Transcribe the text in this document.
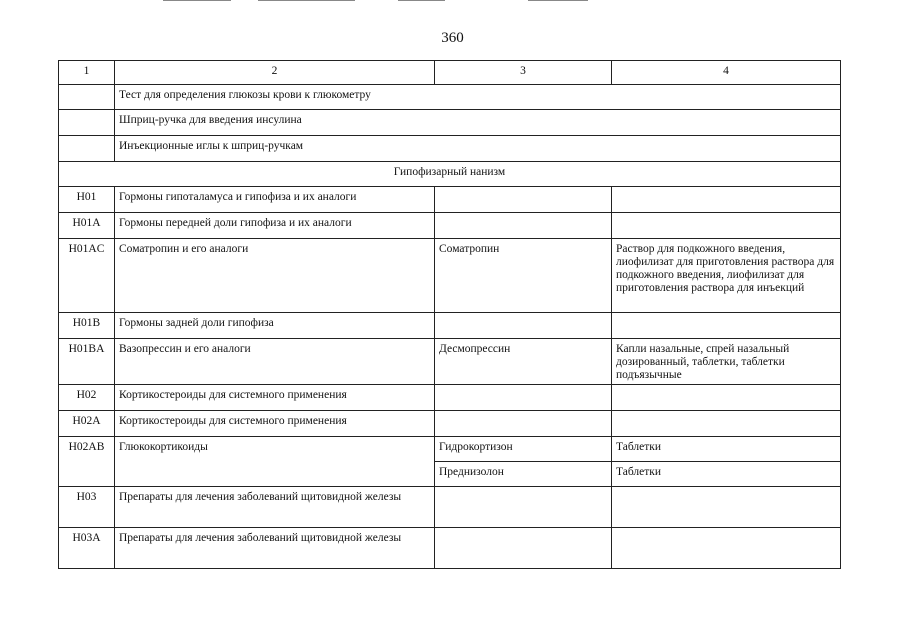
360
1	2	3	4
	Тест для определения глюкозы крови к глюкометру		
	Шприц-ручка для введения инсулина		
	Инъекционные иглы к шприц-ручкам		
Гипофизарный нанизм			
H01	Гормоны гипоталамуса и гипофиза и их аналоги		
H01A	Гормоны передней доли гипофиза и их аналоги		
H01AC	Соматропин и его аналоги	Соматропин	Раствор для подкожного введения, лиофилизат для приготовления раствора для подкожного введения, лиофилизат для приготовления раствора для инъекций
H01B	Гормоны задней доли гипофиза		
H01BA	Вазопрессин и его аналоги	Десмопрессин	Капли назальные, спрей назальный дозированный, таблетки, таблетки подъязычные
H02	Кортикостероиды для системного применения		
H02A	Кортикостероиды для системного применения		
H02AB	Глюкокортикоиды	Гидрокортизон	Таблетки
		Преднизолон	Таблетки
H03	Препараты для лечения заболеваний щитовидной железы		
H03A	Препараты для лечения заболеваний щитовидной железы		
